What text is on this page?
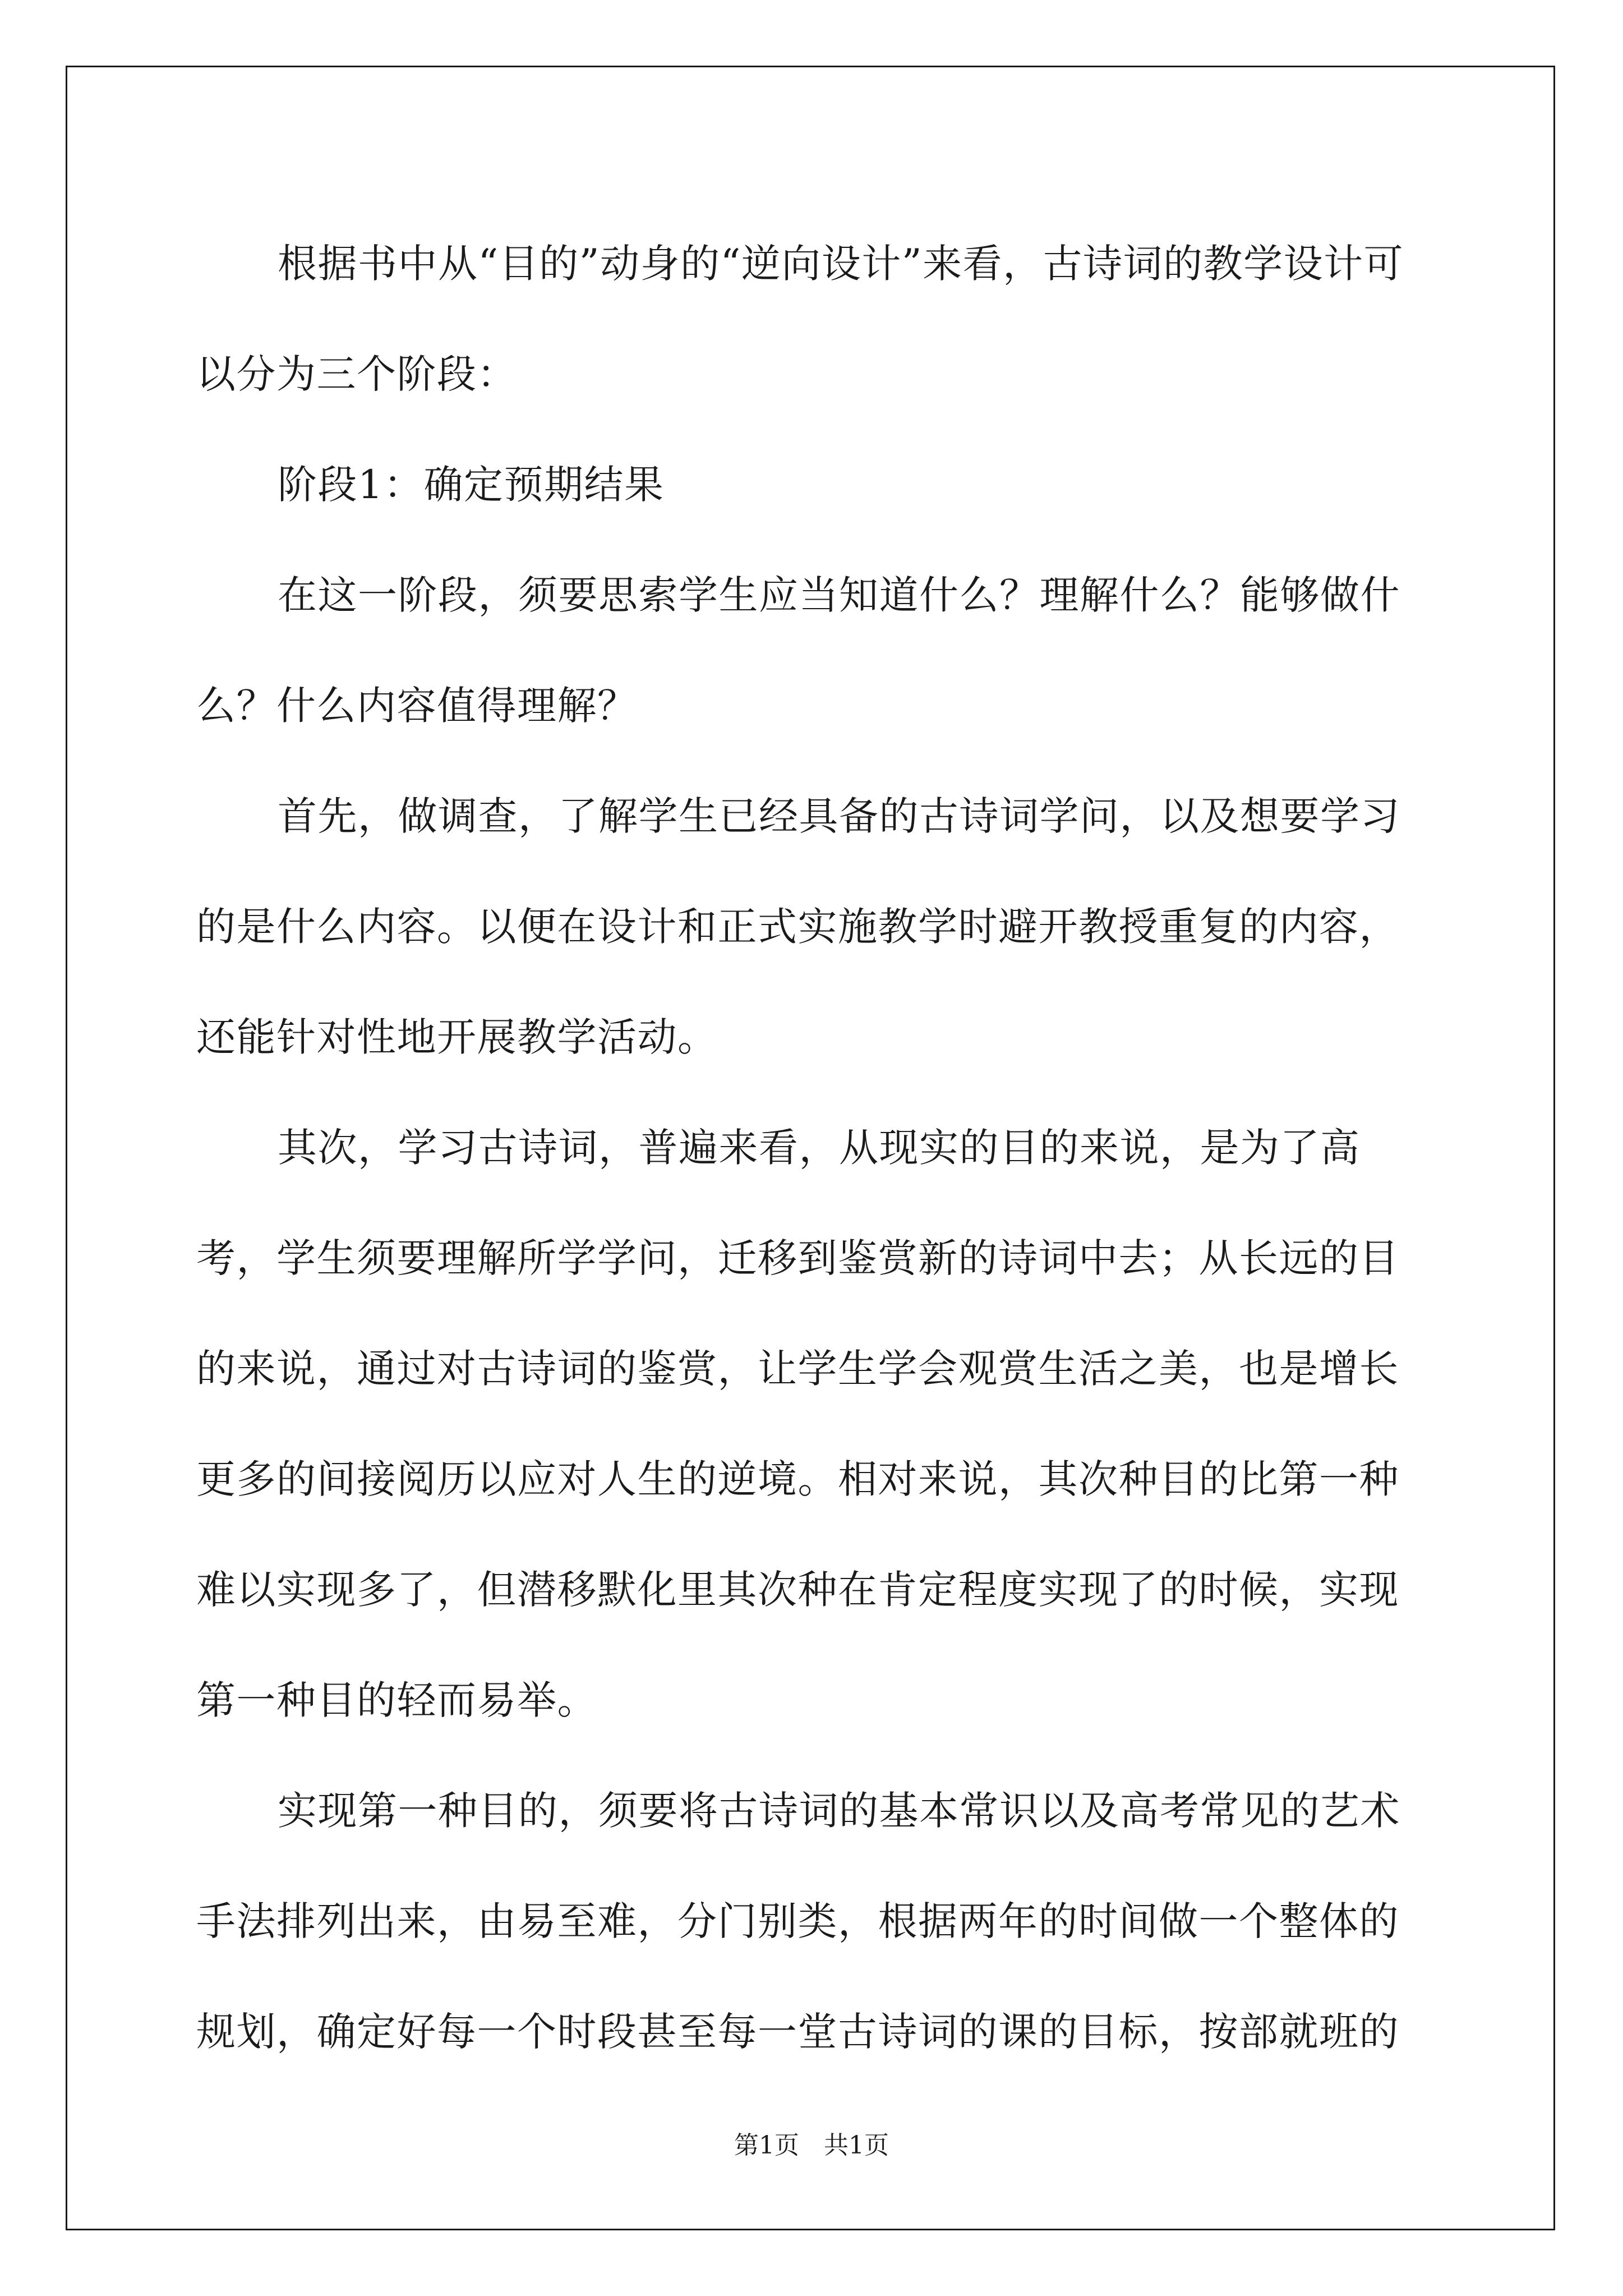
根据书中从“目的”动身的“逆向设计”来看，古诗词的教学设计可以分为三个阶段：

阶段1：确定预期结果

在这一阶段，须要思索学生应当知道什么？理解什么？能够做什么？什么内容值得理解？

首先，做调查，了解学生已经具备的古诗词学问，以及想要学习的是什么内容。以便在设计和正式实施教学时避开教授重复的内容，还能针对性地开展教学活动。

其次，学习古诗词，普遍来看，从现实的目的来说，是为了高考，学生须要理解所学学问，迁移到鉴赏新的诗词中去；从长远的目的来说，通过对古诗词的鉴赏，让学生学会观赏生活之美，也是增长更多的间接阅历以应对人生的逆境。相对来说，其次种目的比第一种难以实现多了，但潜移默化里其次种在肯定程度实现了的时候，实现第一种目的轻而易举。

实现第一种目的，须要将古诗词的基本常识以及高考常见的艺术手法排列出来，由易至难，分门别类，根据两年的时间做一个整体的规划，确定好每一个时段甚至每一堂古诗词的课的目标，按部就班的

第1页　共1页
